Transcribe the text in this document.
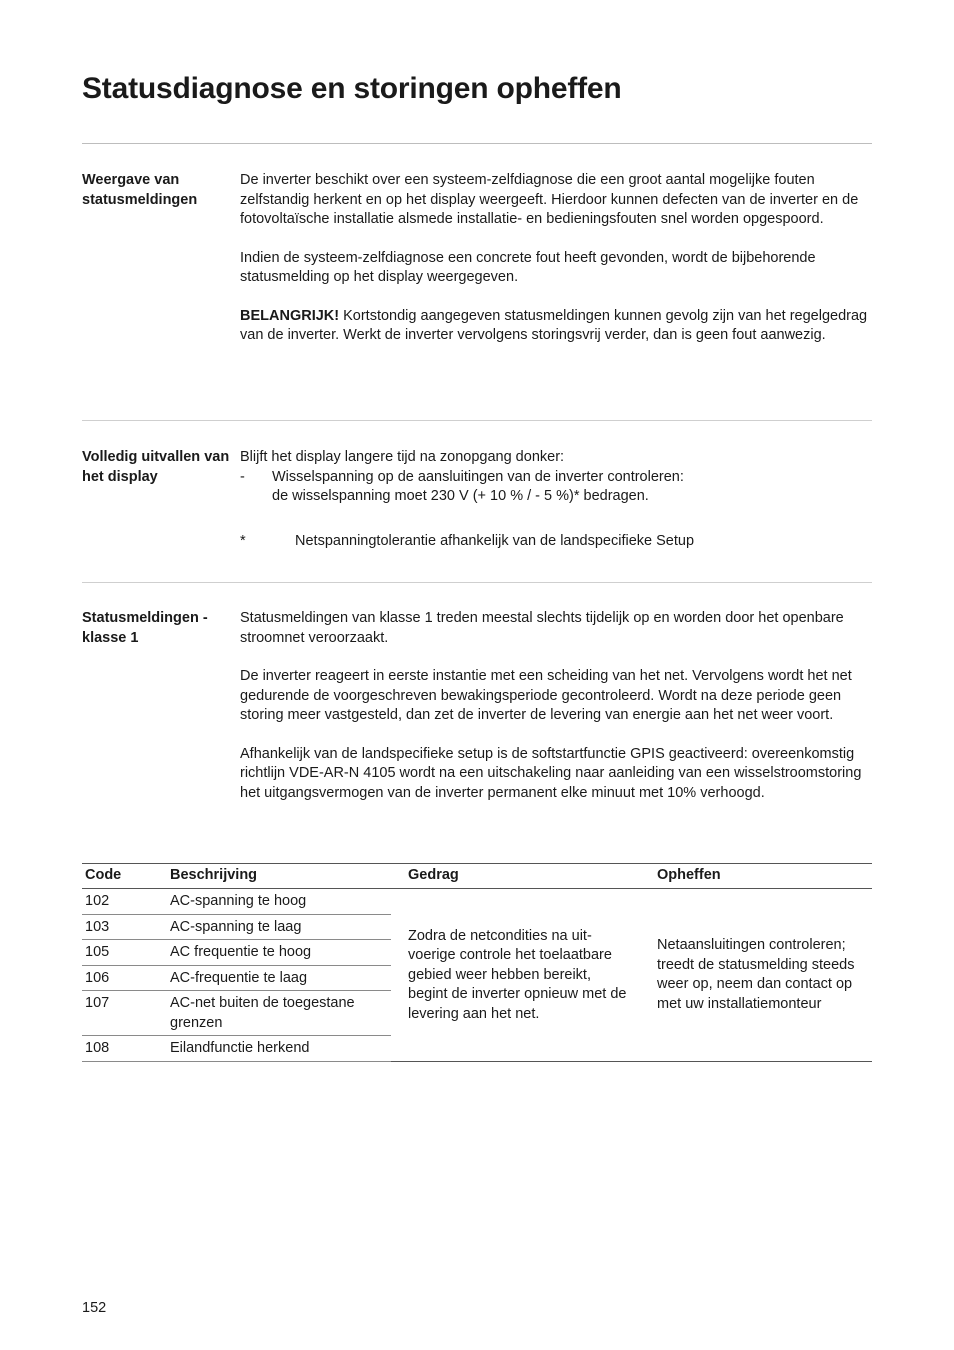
Statusdiagnose en storingen opheffen
Weergave van statusmeldingen

De inverter beschikt over een systeem-zelfdiagnose die een groot aantal mogelijke fouten zelfstandig herkent en op het display weergeeft. Hierdoor kunnen defecten van de inverter en de fotovoltaïsche installatie alsmede installatie- en bedieningsfouten snel worden opgespoord.

Indien de systeem-zelfdiagnose een concrete fout heeft gevonden, wordt de bijbehorende statusmelding op het display weergegeven.

BELANGRIJK! Kortstondig aangegeven statusmeldingen kunnen gevolg zijn van het regelgedrag van de inverter. Werkt de inverter vervolgens storingsvrij verder, dan is geen fout aanwezig.

Volledig uitvallen van het display
Blijft het display langere tijd na zonopgang donker:
- Wisselspanning op de aansluitingen van de inverter controleren:
de wisselspanning moet 230 V (+ 10 % / - 5 %)* bedragen.
*	Netspanningtolerantie afhankelijk van de landspecifieke Setup
Statusmeldingen - klasse 1

Statusmeldingen van klasse 1 treden meestal slechts tijdelijk op en worden door het openbare stroomnet veroorzaakt.

De inverter reageert in eerste instantie met een scheiding van het net. Vervolgens wordt het net gedurende de voorgeschreven bewakingsperiode gecontroleerd. Wordt na deze periode geen storing meer vastgesteld, dan zet de inverter de levering van energie aan het net weer voort.

Afhankelijk van de landspecifieke setup is de softstartfunctie GPIS geactiveerd: overeenkomstig richtlijn VDE-AR-N 4105 wordt na een uitschakeling naar aanleiding van een wisselstroomstoring het uitgangsvermogen van de inverter permanent elke minuut met 10% verhoogd.

Code	Beschrijving	Gedrag	Opheffen
102	AC-spanning te hoog	Zodra de netcondities na uitvoerige controle het toelaatbare gebied weer hebben bereikt, begint de inverter opnieuw met de levering aan het net.	Netaansluitingen controleren; treedt de statusmelding steeds weer op, neem dan contact op met uw installatiemonteur
103	AC-spanning te laag		
105	AC frequentie te hoog		
106	AC-frequentie te laag		
107	AC-net buiten de toegestane grenzen		
108	Eilandfunctie herkend		
152
